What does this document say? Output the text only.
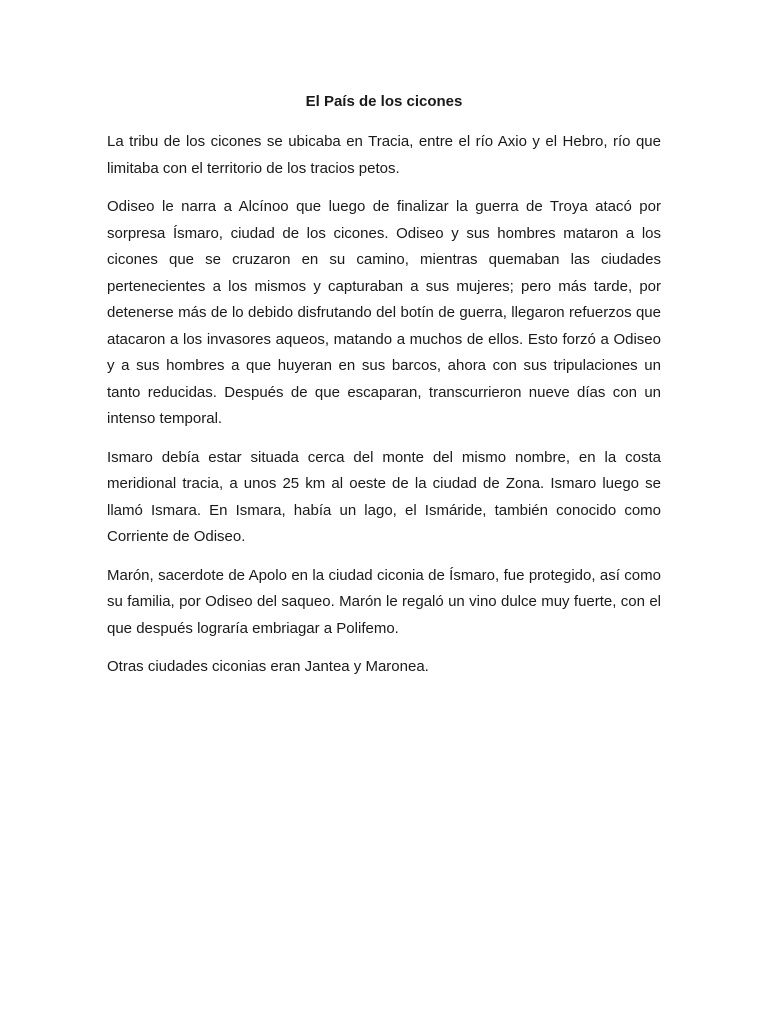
El País de los cicones

La tribu de los cicones se ubicaba en Tracia, entre el río Axio y el Hebro, río que limitaba con el territorio de los tracios petos.

Odiseo le narra a Alcínoo que luego de finalizar la guerra de Troya atacó por sorpresa Ísmaro, ciudad de los cicones. Odiseo y sus hombres mataron a los cicones que se cruzaron en su camino, mientras quemaban las ciudades pertenecientes a los mismos y capturaban a sus mujeres; pero más tarde, por detenerse más de lo debido disfrutando del botín de guerra, llegaron refuerzos que atacaron a los invasores aqueos, matando a muchos de ellos. Esto forzó a Odiseo y a sus hombres a que huyeran en sus barcos, ahora con sus tripulaciones un tanto reducidas. Después de que escaparan, transcurrieron nueve días con un intenso temporal.

Ismaro debía estar situada cerca del monte del mismo nombre, en la costa meridional tracia, a unos 25 km al oeste de la ciudad de Zona. Ismaro luego se llamó Ismara. En Ismara, había un lago, el Ismáride, también conocido como Corriente de Odiseo.

Marón, sacerdote de Apolo en la ciudad ciconia de Ísmaro, fue protegido, así como su familia, por Odiseo del saqueo. Marón le regaló un vino dulce muy fuerte, con el que después lograría embriagar a Polifemo.

Otras ciudades ciconias eran Jantea y Maronea.
